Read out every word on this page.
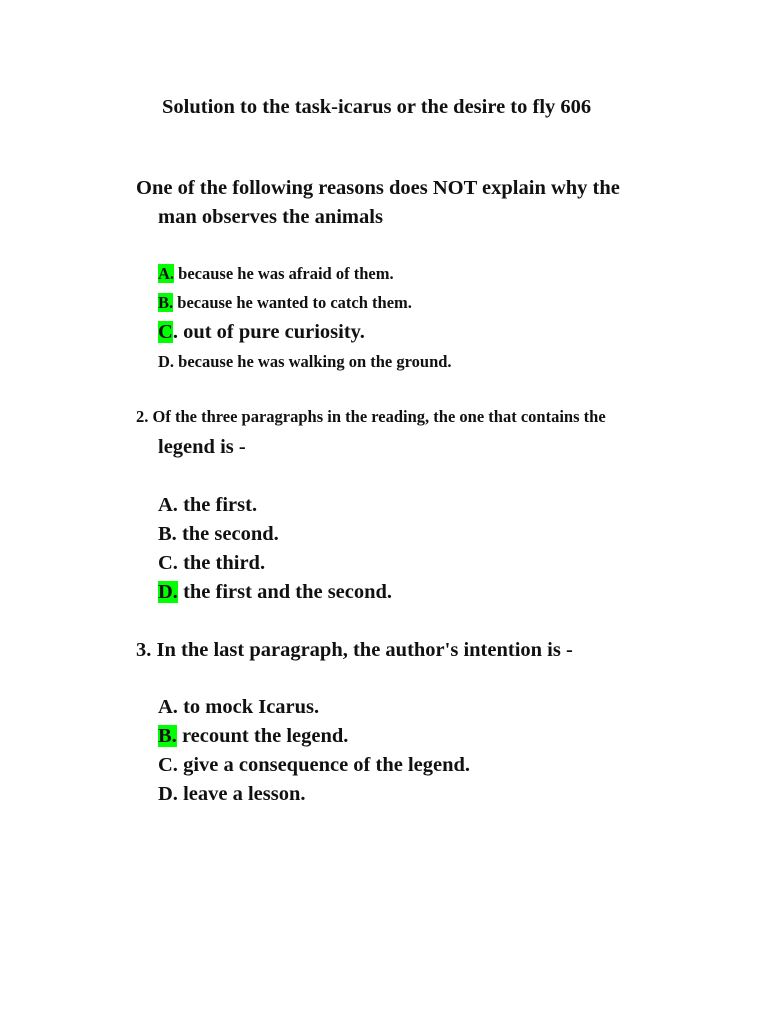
Solution to the task-icarus or the desire to fly 606
One of the following reasons does NOT explain why the
man observes the animals
A. because he was afraid of them.
B. because he wanted to catch them.
C. out of pure curiosity.
D. because he was walking on the ground.
2. Of the three paragraphs in the reading, the one that contains the
legend is -
A. the first.
B. the second.
C. the third.
D. the first and the second.
3. In the last paragraph, the author's intention is -
A. to mock Icarus.
B. recount the legend.
C. give a consequence of the legend.
D. leave a lesson.
